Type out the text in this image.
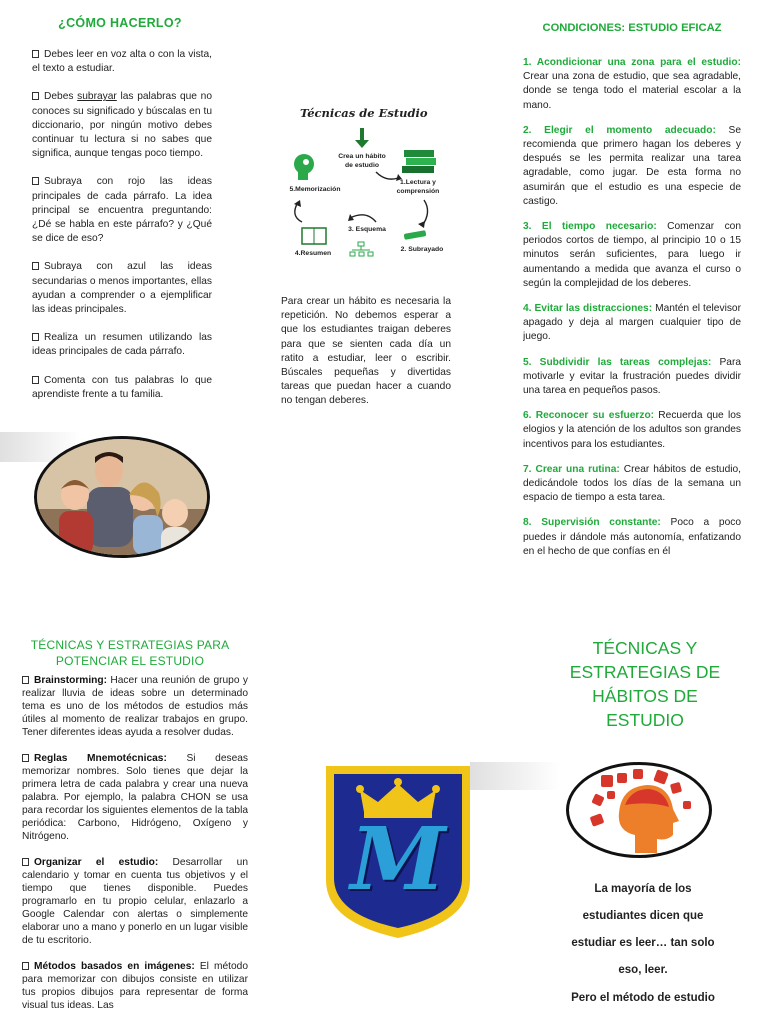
¿CÓMO HACERLO?

Debes leer en voz alta o con la vista, el texto a estudiar.

Debes subrayar las palabras que no conoces su significado y búscalas en tu diccionario, por ningún motivo debes continuar tu lectura si no sabes que significa, aunque tengas poco tiempo.

Subraya con rojo las ideas principales de cada párrafo. La idea principal se encuentra preguntando: ¿Dé se habla en este párrafo? y ¿Qué se dice de eso?

Subraya con azul las ideas secundarias o menos importantes, ellas ayudan a comprender o a ejemplificar las ideas principales.

Realiza un resumen utilizando las ideas principales de cada párrafo.

Comenta con tus palabras lo que aprendiste frente a tu familia.

Técnicas de Estudio
Crea un hábito de estudio
1.Lectura y comprensión
2. Subrayado
3. Esquema
4.Resumen
5.Memorización

Para crear un hábito es necesaria la repetición. No debemos esperar a que los estudiantes traigan deberes para que se sienten cada día un ratito a estudiar, leer o escribir. Búscales pequeñas y divertidas tareas que puedan hacer a cuando no tengan deberes.

CONDICIONES: ESTUDIO EFICAZ

1. Acondicionar una zona para el estudio: Crear una zona de estudio, que sea agradable, donde se tenga todo el material escolar a la mano.

2. Elegir el momento adecuado: Se recomienda que primero hagan los deberes y después se les permita realizar una tarea agradable, como jugar. De esta forma no asumirán que el estudio es una especie de castigo.

3. El tiempo necesario: Comenzar con periodos cortos de tiempo, al principio 10 o 15 minutos serán suficientes, para luego ir aumentando a medida que avanza el curso o según la complejidad de los deberes.

4. Evitar las distracciones: Mantén el televisor apagado y deja al margen cualquier tipo de juego.

5. Subdividir las tareas complejas: Para motivarle y evitar la frustración puedes dividir una tarea en pequeños pasos.

6. Reconocer su esfuerzo: Recuerda que los elogios y la atención de los adultos son grandes incentivos para los estudiantes.

7. Crear una rutina: Crear hábitos de estudio, dedicándole todos los días de la semana un espacio de tiempo a esta tarea.

8. Supervisión constante: Poco a poco puedes ir dándole más autonomía, enfatizando en el hecho de que confías en él

TÉCNICAS Y ESTRATEGIAS PARA POTENCIAR EL ESTUDIO

Brainstorming: Hacer una reunión de grupo y realizar lluvia de ideas sobre un determinado tema es uno de los métodos de estudios más útiles al momento de realizar trabajos en grupo. Tener diferentes ideas ayuda a resolver dudas.

Reglas Mnemotécnicas: Si deseas memorizar nombres. Solo tienes que dejar la primera letra de cada palabra y crear una nueva palabra. Por ejemplo, la palabra CHON se usa para recordar los siguientes elementos de la tabla periódica: Carbono, Hidrógeno, Oxígeno y Nitrógeno.

Organizar el estudio: Desarrollar un calendario y tomar en cuenta tus objetivos y el tiempo que tienes disponible. Puedes programarlo en tu propio celular, enlazarlo a Google Calendar con alertas o simplemente elaborar uno a mano y ponerlo en un lugar visible de tu escritorio.

Métodos basados en imágenes: El método para memorizar con dibujos consiste en utilizar tus propios dibujos para representar de forma visual tus ideas. Las

M
TÉCNICAS Y ESTRATEGIAS DE HÁBITOS DE ESTUDIO

La mayoría de los

estudiantes dicen que

estudiar es leer… tan solo

eso, leer.

Pero el método de estudio
